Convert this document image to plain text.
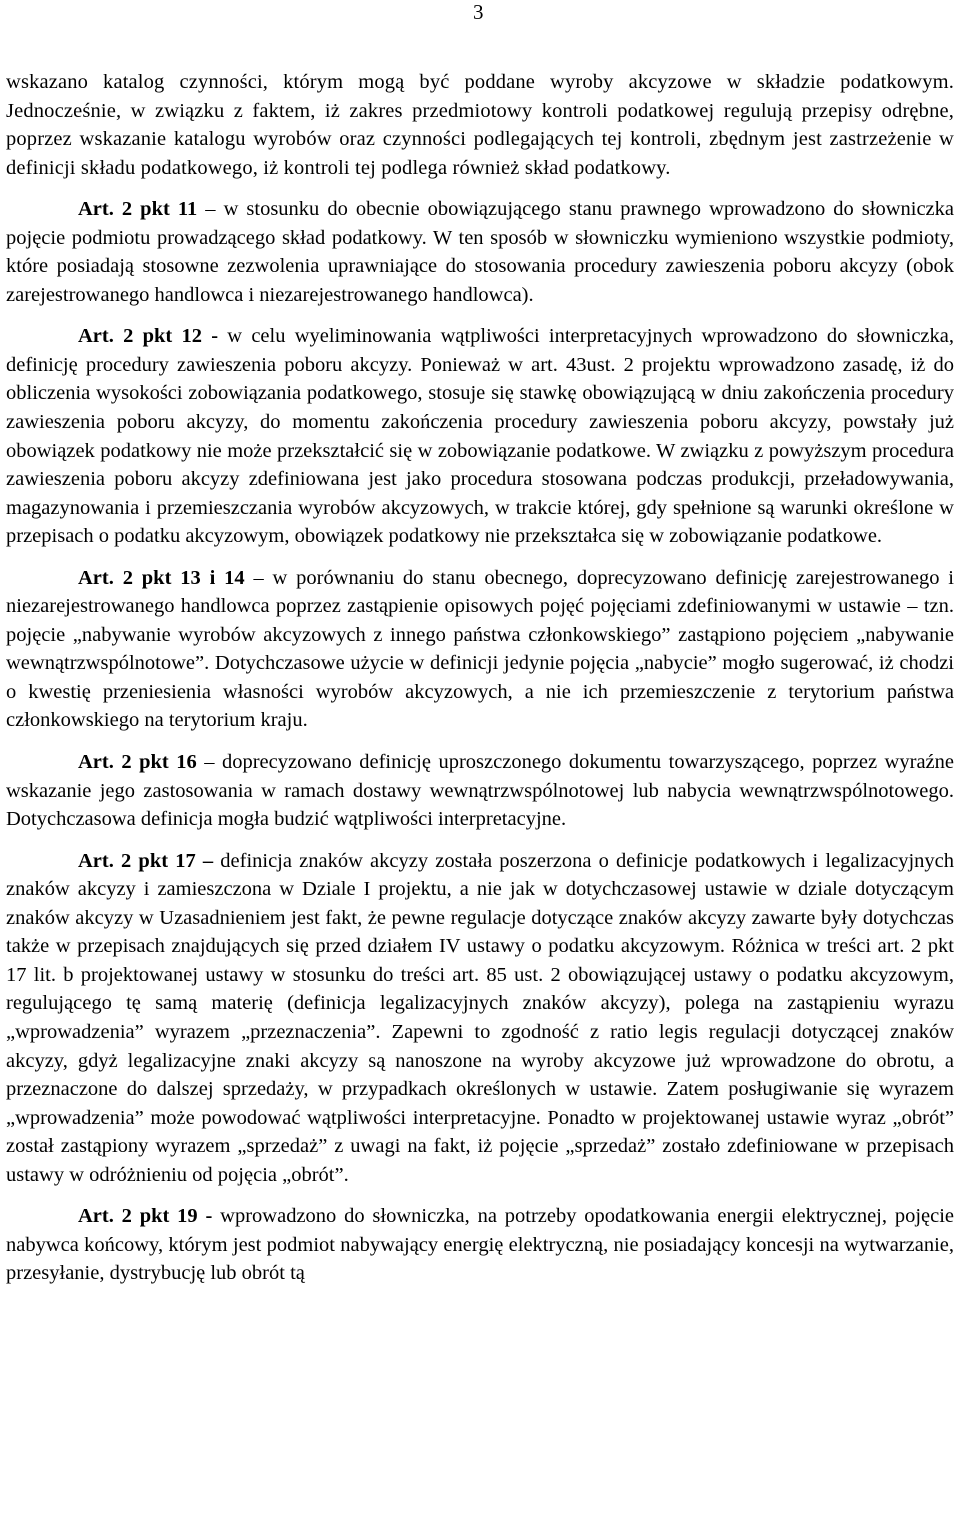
3

wskazano katalog czynności, którym mogą być poddane wyroby akcyzowe w składzie podatkowym. Jednocześnie, w związku z faktem, iż zakres przedmiotowy kontroli podatkowej regulują przepisy odrębne, poprzez wskazanie katalogu wyrobów oraz czynności podlegających tej kontroli, zbędnym jest zastrzeżenie w definicji składu podatkowego, iż kontroli tej podlega również skład podatkowy.

Art. 2 pkt 11 – w stosunku do obecnie obowiązującego stanu prawnego wprowadzono do słowniczka pojęcie podmiotu prowadzącego skład podatkowy. W ten sposób w słowniczku wymieniono wszystkie podmioty, które posiadają stosowne zezwolenia uprawniające do stosowania procedury zawieszenia poboru akcyzy (obok zarejestrowanego handlowca i niezarejestrowanego handlowca).

Art. 2 pkt 12 - w celu wyeliminowania wątpliwości interpretacyjnych wprowadzono do słowniczka, definicję procedury zawieszenia poboru akcyzy. Ponieważ w art. 43ust. 2 projektu wprowadzono zasadę, iż do obliczenia wysokości zobowiązania podatkowego, stosuje się stawkę obowiązującą w dniu zakończenia procedury zawieszenia poboru akcyzy, do momentu zakończenia procedury zawieszenia poboru akcyzy, powstały już obowiązek podatkowy nie może przekształcić się w zobowiązanie podatkowe. W związku z powyższym procedura zawieszenia poboru akcyzy zdefiniowana jest jako procedura stosowana podczas produkcji, przeładowywania, magazynowania i przemieszczania wyrobów akcyzowych, w trakcie której, gdy spełnione są warunki określone w przepisach o podatku akcyzowym, obowiązek podatkowy nie przekształca się w zobowiązanie podatkowe.

Art. 2 pkt 13 i 14 – w porównaniu do stanu obecnego, doprecyzowano definicję zarejestrowanego i niezarejestrowanego handlowca poprzez zastąpienie opisowych pojęć pojęciami zdefiniowanymi w ustawie – tzn. pojęcie „nabywanie wyrobów akcyzowych z innego państwa członkowskiego” zastąpiono pojęciem „nabywanie wewnątrzwspólnotowe”. Dotychczasowe użycie w definicji jedynie pojęcia „nabycie” mogło sugerować, iż chodzi o kwestię przeniesienia własności wyrobów akcyzowych, a nie ich przemieszczenie z terytorium państwa członkowskiego na terytorium kraju.

Art. 2 pkt 16 – doprecyzowano definicję uproszczonego dokumentu towarzyszącego, poprzez wyraźne wskazanie jego zastosowania w ramach dostawy wewnątrzwspólnotowej lub nabycia wewnątrzwspólnotowego. Dotychczasowa definicja mogła budzić wątpliwości interpretacyjne.

Art. 2 pkt 17 – definicja znaków akcyzy została poszerzona o definicje podatkowych i legalizacyjnych znaków akcyzy i zamieszczona w Dziale I projektu, a nie jak w dotychczasowej ustawie w dziale dotyczącym znaków akcyzy w Uzasadnieniem jest fakt, że pewne regulacje dotyczące znaków akcyzy zawarte były dotychczas także w przepisach znajdujących się przed działem IV ustawy o podatku akcyzowym. Różnica w treści art. 2 pkt 17 lit. b projektowanej ustawy w stosunku do treści art. 85 ust. 2 obowiązującej ustawy o podatku akcyzowym, regulującego tę samą materię (definicja legalizacyjnych znaków akcyzy), polega na zastąpieniu wyrazu „wprowadzenia” wyrazem „przeznaczenia”. Zapewni to zgodność z ratio legis regulacji dotyczącej znaków akcyzy, gdyż legalizacyjne znaki akcyzy są nanoszone na wyroby akcyzowe już wprowadzone do obrotu, a przeznaczone do dalszej sprzedaży, w przypadkach określonych w ustawie. Zatem posługiwanie się wyrazem „wprowadzenia” może powodować wątpliwości interpretacyjne. Ponadto w projektowanej ustawie wyraz „obrót” został zastąpiony wyrazem „sprzedaż” z uwagi na fakt, iż pojęcie „sprzedaż” zostało zdefiniowane w przepisach ustawy w odróżnieniu od pojęcia „obrót”.

Art. 2 pkt 19 - wprowadzono do słowniczka, na potrzeby opodatkowania energii elektrycznej, pojęcie nabywca końcowy, którym jest podmiot nabywający energię elektryczną, nie posiadający koncesji na wytwarzanie, przesyłanie, dystrybucję lub obrót tą
